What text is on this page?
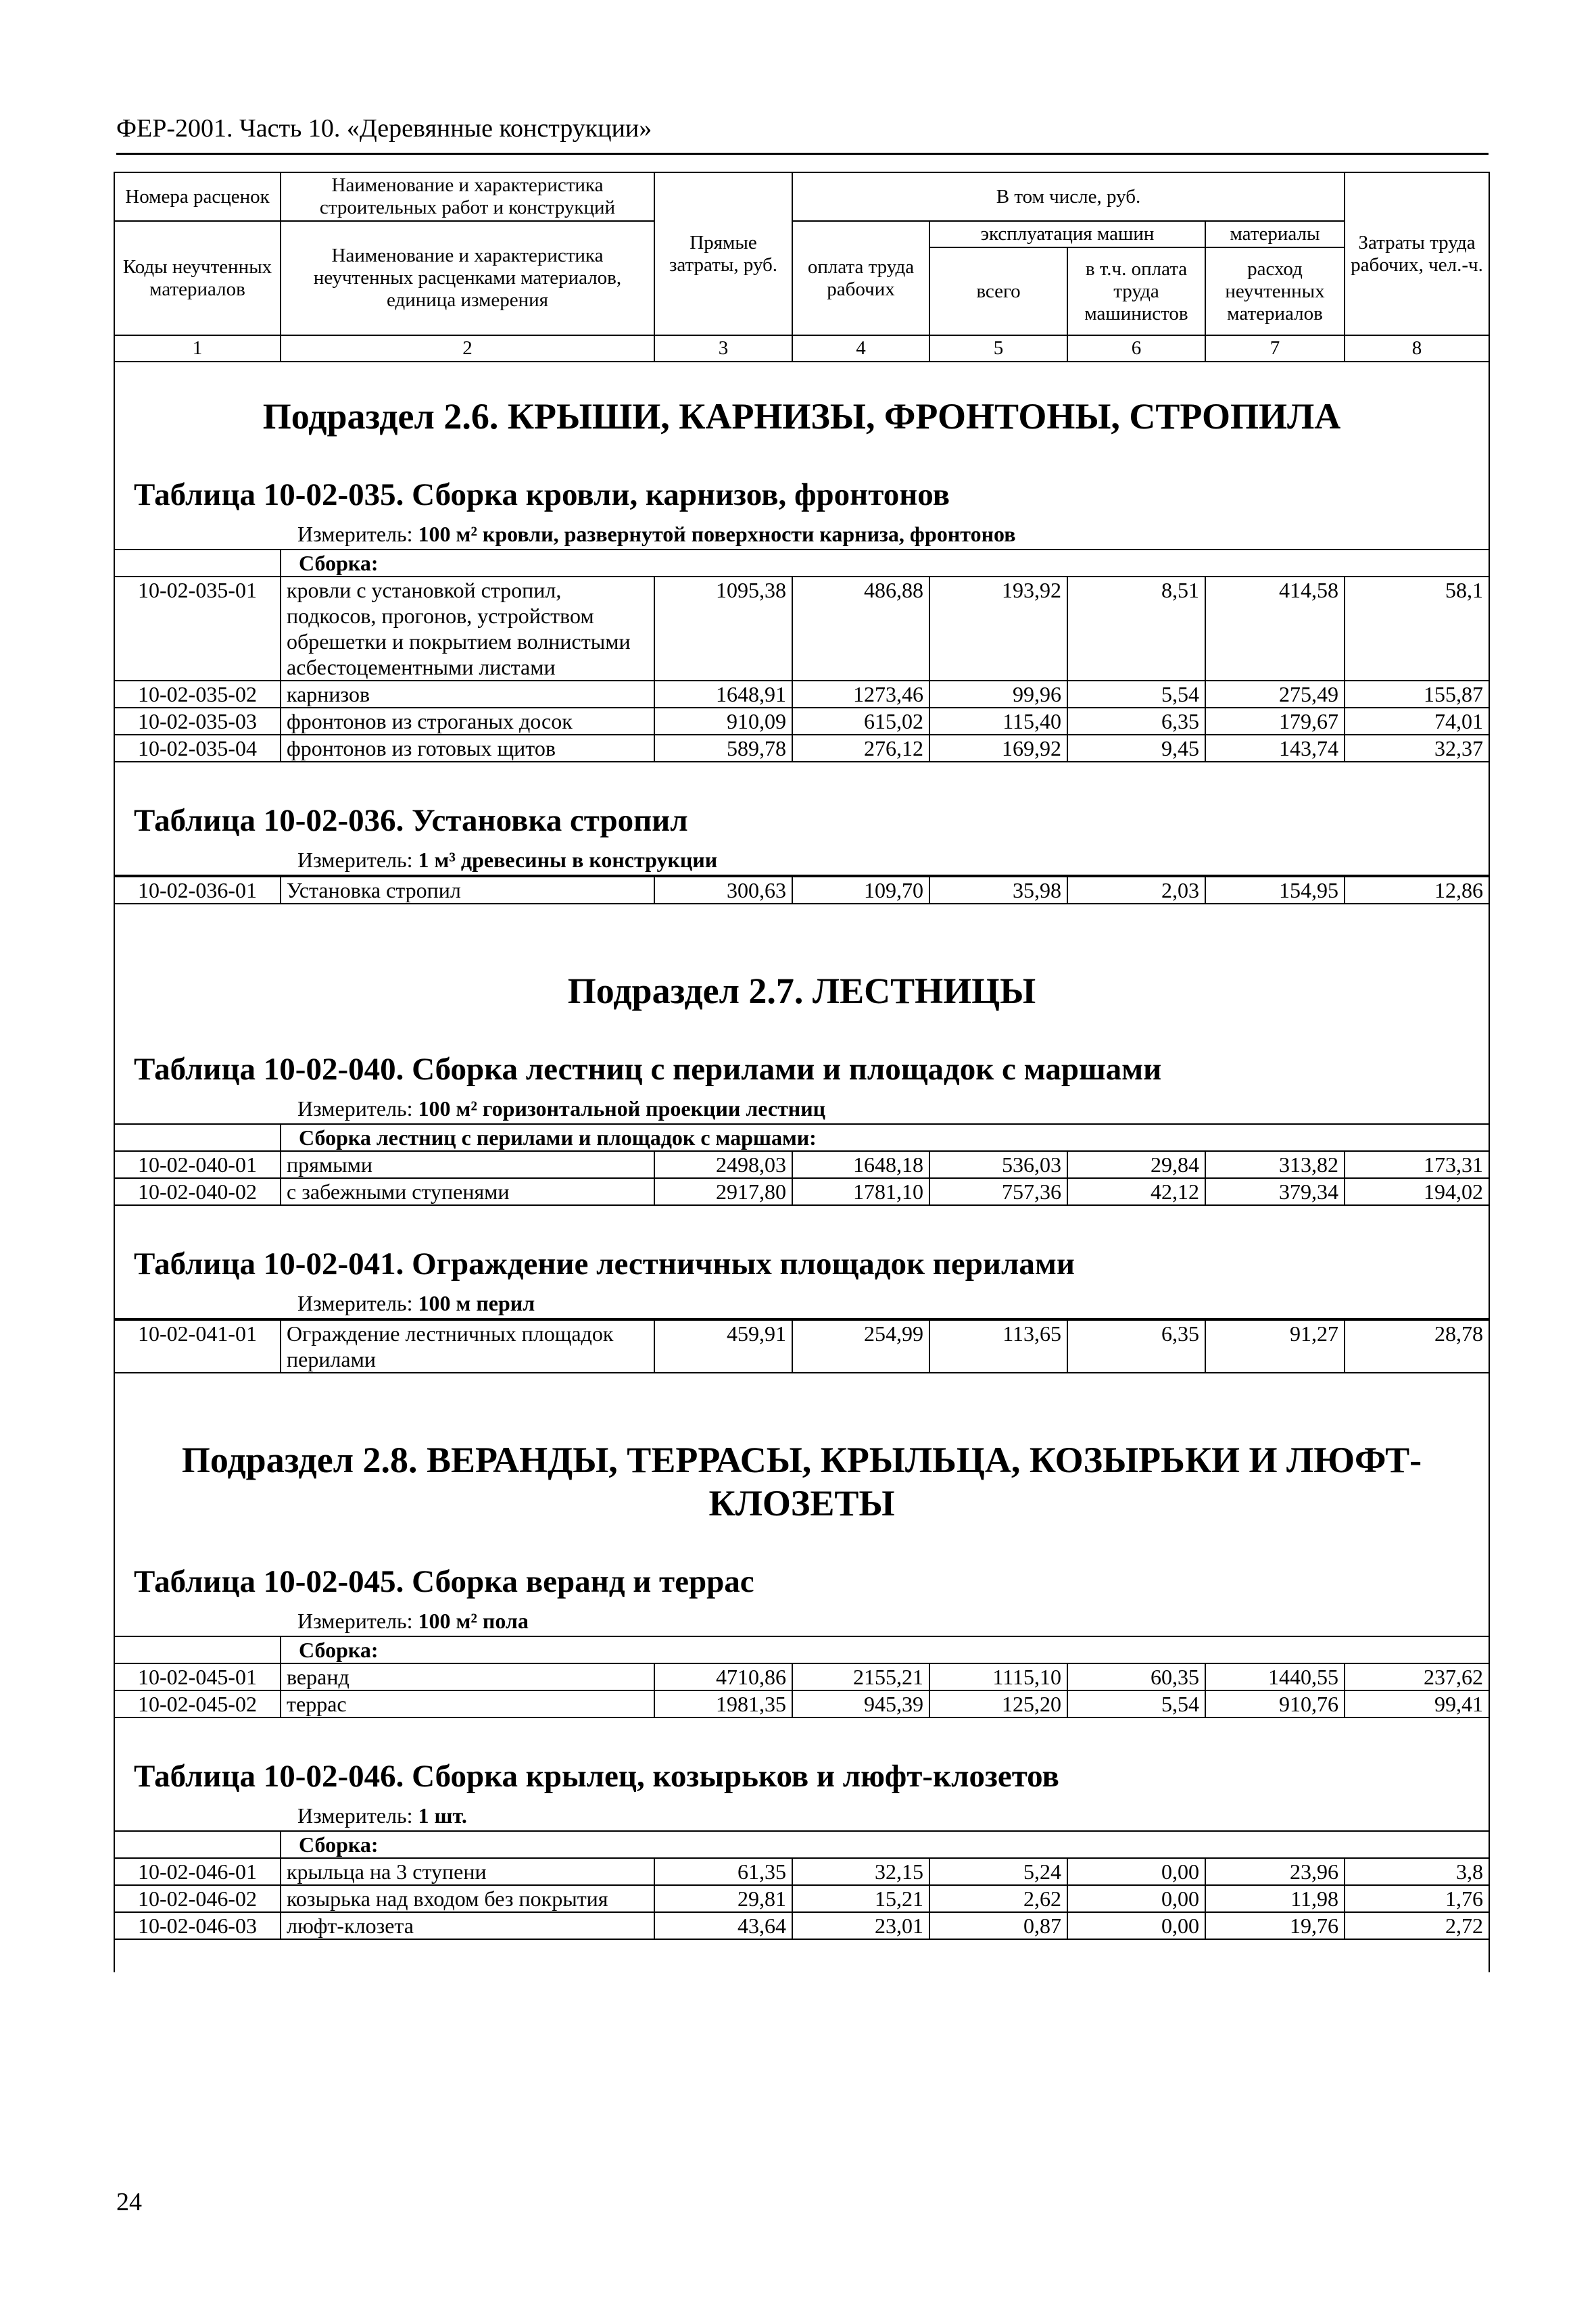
ФЕР-2001. Часть 10. «Деревянные конструкции»
Номера расценок	Наименование и характеристика строительных работ и конструкций	Прямые затраты, руб.	В том числе, руб.				Затраты труда рабочих, чел.-ч.
Коды неучтенных материалов	Наименование и характеристика неучтенных расценками материалов, единица измерения		оплата труда рабочих	эксплуатация машин		материалы	
				всего	в т.ч. оплата труда машинистов	расход неучтенных материалов	
1	2	3	4	5	6	7	8
Подраздел 2.6. КРЫШИ, КАРНИЗЫ, ФРОНТОНЫ, СТРОПИЛА
Таблица 10-02-035. Сборка кровли, карнизов, фронтонов
Измеритель: 100 м² кровли, развернутой поверхности карниза, фронтонов
	Сборка:						
10-02-035-01	кровли с установкой стропил, подкосов, прогонов, устройством обрешетки и покрытием волнистыми асбестоцементными листами	1095,38	486,88	193,92	8,51	414,58	58,1
10-02-035-02	карнизов	1648,91	1273,46	99,96	5,54	275,49	155,87
10-02-035-03	фронтонов из строганых досок	910,09	615,02	115,40	6,35	179,67	74,01
10-02-035-04	фронтонов из готовых щитов	589,78	276,12	169,92	9,45	143,74	32,37
Таблица 10-02-036. Установка стропил
Измеритель: 1 м³ древесины в конструкции

10-02-036-01	Установка стропил	300,63	109,70	35,98	2,03	154,95	12,86
Подраздел 2.7. ЛЕСТНИЦЫ
Таблица 10-02-040. Сборка лестниц с перилами и площадок с маршами
Измеритель: 100 м² горизонтальной проекции лестниц
	Сборка лестниц с перилами и площадок с маршами:						
10-02-040-01	прямыми	2498,03	1648,18	536,03	29,84	313,82	173,31
10-02-040-02	с забежными ступенями	2917,80	1781,10	757,36	42,12	379,34	194,02
Таблица 10-02-041. Ограждение лестничных площадок перилами
Измеритель: 100 м перил

10-02-041-01	Ограждение лестничных площадок перилами	459,91	254,99	113,65	6,35	91,27	28,78
Подраздел 2.8. ВЕРАНДЫ, ТЕРРАСЫ, КРЫЛЬЦА, КОЗЫРЬКИ И ЛЮФТ-КЛОЗЕТЫ
Таблица 10-02-045. Сборка веранд и террас
Измеритель: 100 м² пола
	Сборка:						
10-02-045-01	веранд	4710,86	2155,21	1115,10	60,35	1440,55	237,62
10-02-045-02	террас	1981,35	945,39	125,20	5,54	910,76	99,41
Таблица 10-02-046. Сборка крылец, козырьков и люфт-клозетов
Измеритель: 1 шт.
	Сборка:						
10-02-046-01	крыльца на 3 ступени	61,35	32,15	5,24	0,00	23,96	3,8
10-02-046-02	козырька над входом без покрытия	29,81	15,21	2,62	0,00	11,98	1,76
10-02-046-03	люфт-клозета	43,64	23,01	0,87	0,00	19,76	2,72
24
